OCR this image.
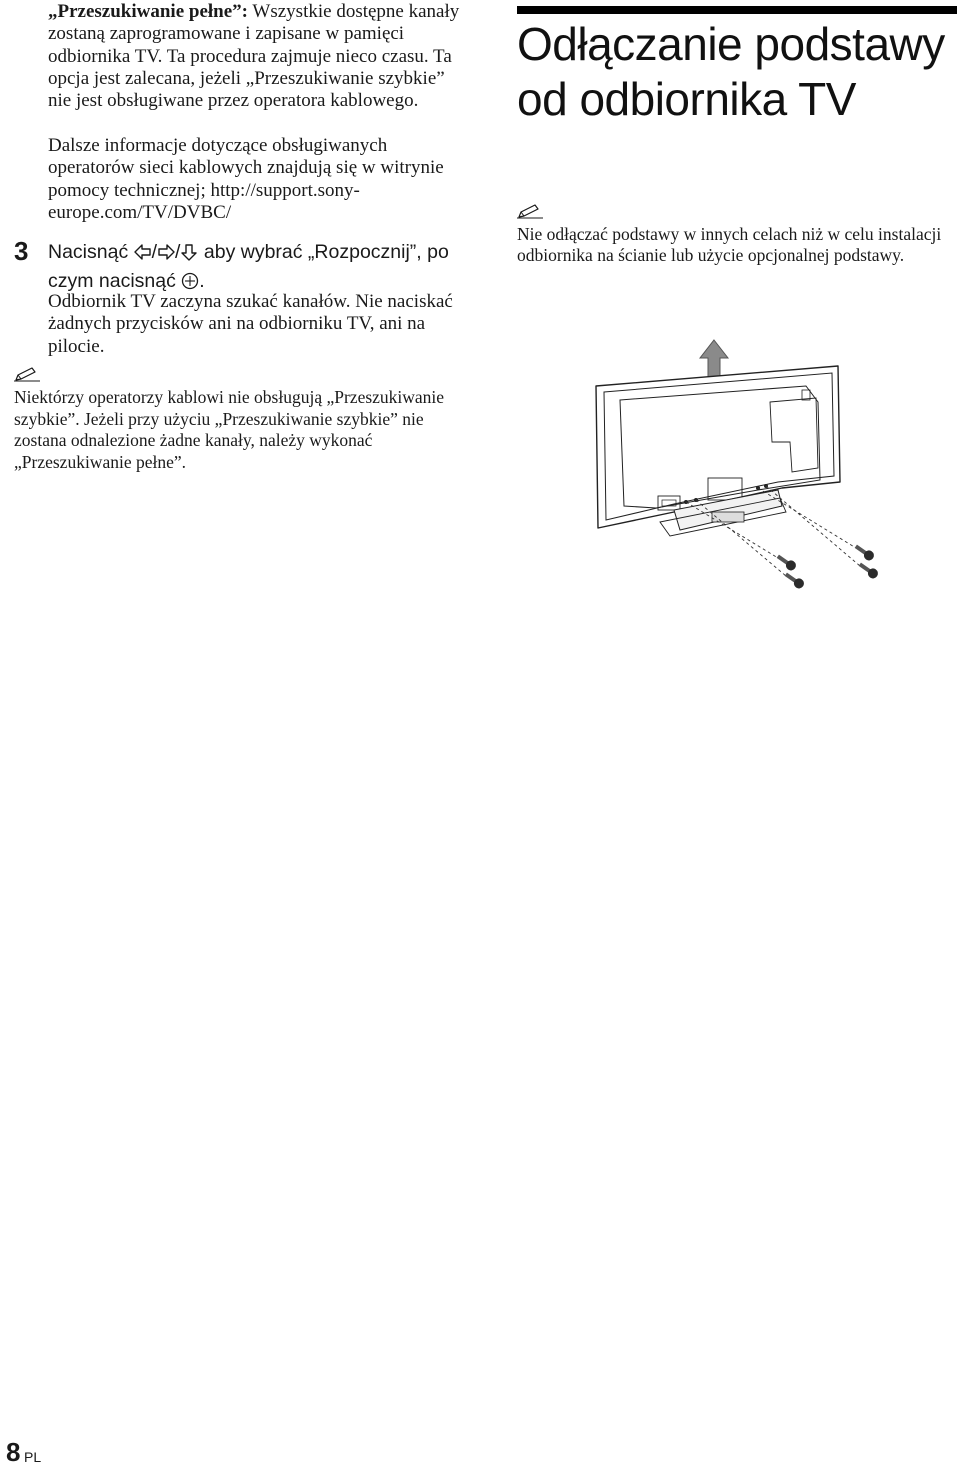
„Przeszukiwanie pełne”: Wszystkie dostępne kanały zostaną zaprogramowane i zapisane w pamięci odbiornika TV. Ta procedura zajmuje nieco czasu. Ta opcja jest zalecana, jeżeli „Przeszukiwanie szybkie” nie jest obsługiwane przez operatora kablowego.

Dalsze informacje dotyczące obsługiwanych operatorów sieci kablowych znajdują się w witrynie pomocy technicznej; http://support.sony-europe.com/TV/DVBC/

3 Nacisnąć / / aby wybrać „Rozpocznij”, po czym nacisnąć .

Odbiornik TV zaczyna szukać kanałów. Nie naciskać żadnych przycisków ani na odbiorniku TV, ani na pilocie.

Niektórzy operatorzy kablowi nie obsługują „Przeszukiwanie szybkie”. Jeżeli przy użyciu „Przeszukiwanie szybkie” nie zostana odnalezione żadne kanały, należy wykonać „Przeszukiwanie pełne”.

Odłączanie podstawy od odbiornika TV

Nie odłączać podstawy w innych celach niż w celu instalacji odbiornika na ścianie lub użycie opcjonalnej podstawy.

8 PL
